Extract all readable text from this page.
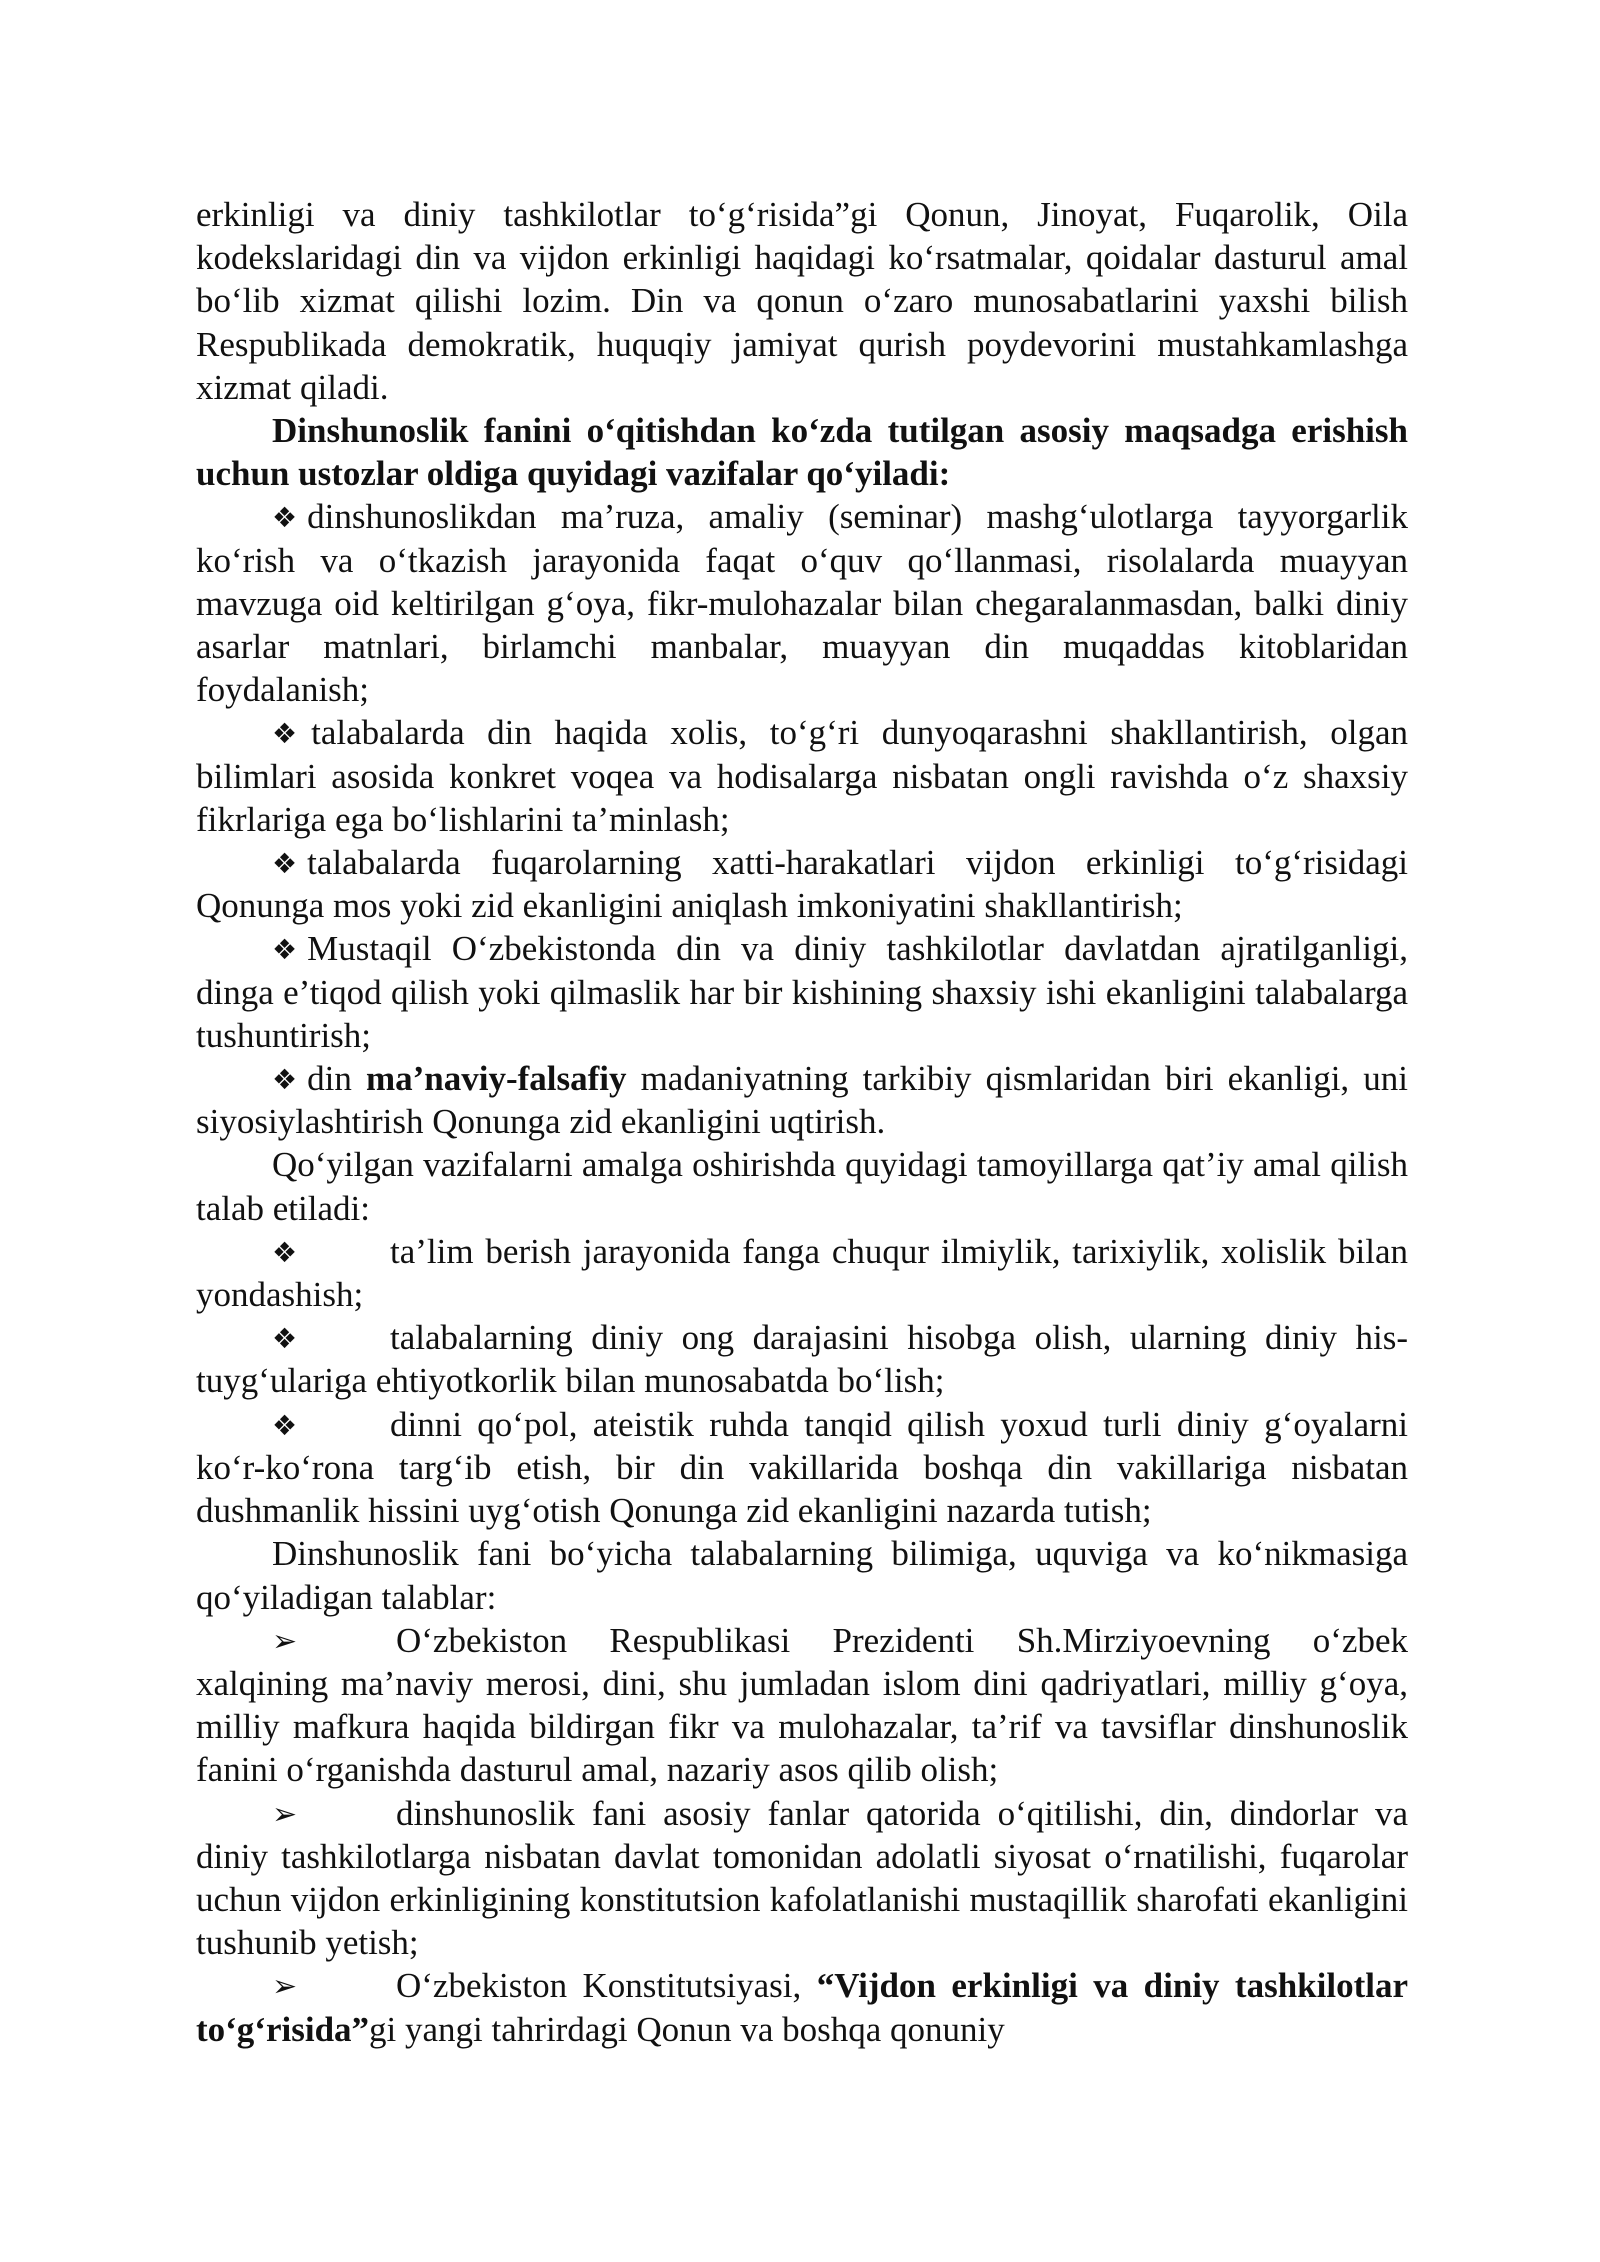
erkinligi va diniy tashkilotlar to‘g‘risida”gi Qonun, Jinoyat, Fuqarolik, Oila kodekslaridagi din va vijdon erkinligi haqidagi ko‘rsatmalar, qoidalar dasturul amal bo‘lib xizmat qilishi lozim. Din va qonun o‘zaro munosabatlarini yaxshi bilish Respublikada demokratik, huquqiy jamiyat qurish poydevorini mustahkamlashga xizmat qiladi.

Dinshunoslik fanini o‘qitishdan ko‘zda tutilgan asosiy maqsadga erishish uchun ustozlar oldiga quyidagi vazifalar qo‘yiladi:

❖ dinshunoslikdan ma’ruza, amaliy (seminar) mashg‘ulotlarga tayyorgarlik ko‘rish va o‘tkazish jarayonida faqat o‘quv qo‘llanmasi, risolalarda muayyan mavzuga oid keltirilgan g‘oya, fikr-mulohazalar bilan chegaralanmasdan, balki diniy asarlar matnlari, birlamchi manbalar, muayyan din muqaddas kitoblaridan foydalanish;

❖ talabalarda din haqida xolis, to‘g‘ri dunyoqarashni shakllantirish, olgan bilimlari asosida konkret voqea va hodisalarga nisbatan ongli ravishda o‘z shaxsiy fikrlariga ega bo‘lishlarini ta’minlash;

❖ talabalarda fuqarolarning xatti-harakatlari vijdon erkinligi to‘g‘risidagi Qonunga mos yoki zid ekanligini aniqlash imkoniyatini shakllantirish;

❖ Mustaqil O‘zbekistonda din va diniy tashkilotlar davlatdan ajratilganligi, dinga e’tiqod qilish yoki qilmaslik har bir kishining shaxsiy ishi ekanligini talabalarga tushuntirish;

❖ din ma’naviy-falsafiy madaniyatning tarkibiy qismlaridan biri ekanligi, uni siyosiylashtirish Qonunga zid ekanligini uqtirish.

Qo‘yilgan vazifalarni amalga oshirishda quyidagi tamoyillarga qat’iy amal qilish talab etiladi:

❖	ta’lim berish jarayonida fanga chuqur ilmiylik, tarixiylik, xolislik bilan yondashish;

❖	talabalarning diniy ong darajasini hisobga olish, ularning diniy his-tuyg‘ulariga ehtiyotkorlik bilan munosabatda bo‘lish;

❖	dinni qo‘pol, ateistik ruhda tanqid qilish yoxud turli diniy g‘oyalarni ko‘r-ko‘rona targ‘ib etish, bir din vakillarida boshqa din vakillariga nisbatan dushmanlik hissini uyg‘otish Qonunga zid ekanligini nazarda tutish;

Dinshunoslik fani bo‘yicha talabalarning bilimiga, uquviga va ko‘nikmasiga qo‘yiladigan talablar:

➢	O‘zbekiston Respublikasi Prezidenti Sh.Mirziyoevning o‘zbek xalqining ma’naviy merosi, dini, shu jumladan islom dini qadriyatlari, milliy g‘oya, milliy mafkura haqida bildirgan fikr va mulohazalar, ta’rif va tavsiflar dinshunoslik fanini o‘rganishda dasturul amal, nazariy asos qilib olish;

➢	dinshunoslik fani asosiy fanlar qatorida o‘qitilishi, din, dindorlar va diniy tashkilotlarga nisbatan davlat tomonidan adolatli siyosat o‘rnatilishi, fuqarolar uchun vijdon erkinligining konstitutsion kafolatlanishi mustaqillik sharofati ekanligini tushunib yetish;

➢	O‘zbekiston Konstitutsiyasi, “Vijdon erkinligi va diniy tashkilotlar to‘g‘risida”gi yangi tahrirdagi Qonun va boshqa qonuniy
